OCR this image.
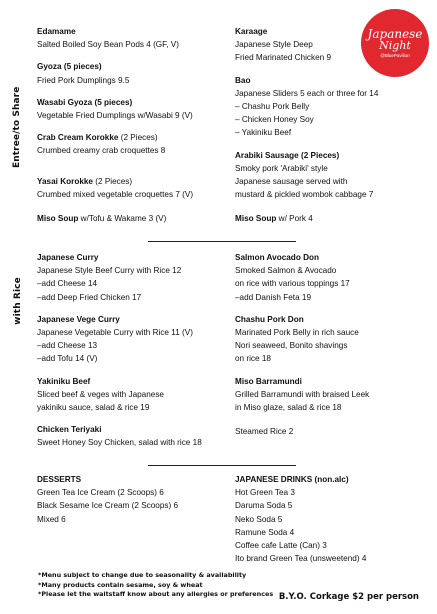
Entree/to Share
with Rice
Japanese
Night
@BluePavilion
Edamame
Salted Boiled Soy Bean Pods 4 (GF, V)
Gyoza (5 pieces)
Fried Pork Dumplings 9.5
Wasabi Gyoza (5 pieces)
Vegetable Fried Dumplings w/Wasabi 9 (V)
Crab Cream Korokke (2 Pieces)
Crumbed creamy crab croquettes 8
Yasai Korokke (2 Pieces)
Crumbed mixed vegetable croquettes 7 (V)
Miso Soup w/Tofu & Wakame 3 (V)
Karaage
Japanese Style Deep
Fried Marinated Chicken 9
Bao
Japanese Sliders 5 each or three for 14
– Chashu Pork Belly
– Chicken Honey Soy
– Yakiniku Beef
Arabiki Sausage (2 Pieces)
Smoky pork 'Arabiki' style
Japanese sausage served with
mustard & pickled wombok cabbage 7
Miso Soup w/ Pork 4
Japanese Curry
Japanese Style Beef Curry with Rice 12
–add Cheese 14
–add Deep Fried Chicken 17
Japanese Vege Curry
Japanese Vegetable Curry with Rice 11 (V)
–add Cheese 13
–add Tofu 14 (V)
Yakiniku Beef
Sliced beef & veges with Japanese
yakiniku sauce, salad & rice 19
Chicken Teriyaki
Sweet Honey Soy Chicken, salad with rice 18
Salmon Avocado Don
Smoked Salmon & Avocado
on rice with various toppings 17
–add Danish Feta 19
Chashu Pork Don
Marinated Pork Belly in rich sauce
Nori seaweed, Bonito shavings
on rice 18
Miso Barramundi
Grilled Barramundi with braised Leek
in Miso glaze, salad & rice 18
Steamed Rice 2
DESSERTS
Green Tea Ice Cream (2 Scoops) 6
Black Sesame Ice Cream (2 Scoops) 6
Mixed 6
JAPANESE DRINKS (non.alc)
Hot Green Tea 3
Daruma Soda 5
Neko Soda 5
Ramune Soda 4
Coffee cafe Latte (Can) 3
Ito brand Green Tea (unsweetend) 4
*Menu subject to change due to seasonality & availability
*Many products contain sesame, soy & wheat
*Please let the waitstaff know about any allergies or preferences B.Y.O. Corkage $2 per person
